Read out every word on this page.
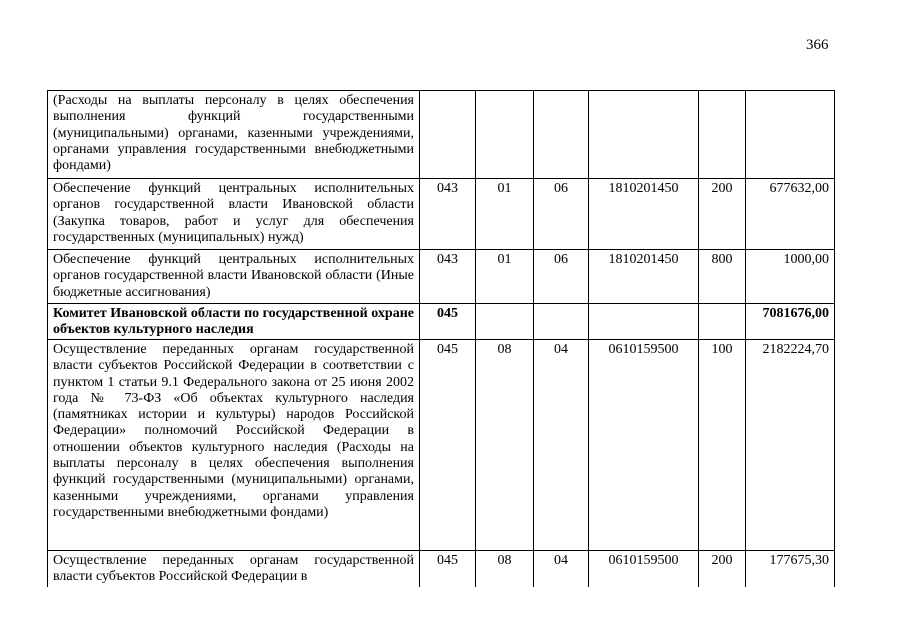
366
(Расходы на выплаты персоналу в целях обеспечения выполнения функций государственными (муниципальными) органами, казенными учреждениями, органами управления государственными внебюджетными фондами)						
Обеспечение функций центральных исполнительных органов государственной власти Ивановской области (Закупка товаров, работ и услуг для обеспечения государственных (муниципальных) нужд)	043	01	06	1810201450	200	677632,00
Обеспечение функций центральных исполнительных органов государственной власти Ивановской области (Иные бюджетные ассигнования)	043	01	06	1810201450	800	1000,00
Комитет Ивановской области по государственной охране объектов культурного наследия	045					7081676,00
Осуществление переданных органам государственной власти субъектов Российской Федерации в соответствии с пунктом 1 статьи 9.1 Федерального закона от 25 июня 2002 года № 73-ФЗ «Об объектах культурного наследия (памятниках истории и культуры) народов Российской Федерации» полномочий Российской Федерации в отношении объектов культурного наследия (Расходы на выплаты персоналу в целях обеспечения выполнения функций государственными (муниципальными) органами, казенными учреждениями, органами управления государственными внебюджетными фондами)	045	08	04	0610159500	100	2182224,70

Осуществление переданных органам государственной власти субъектов Российской Федерации в	045	08	04	0610159500	200	177675,30
